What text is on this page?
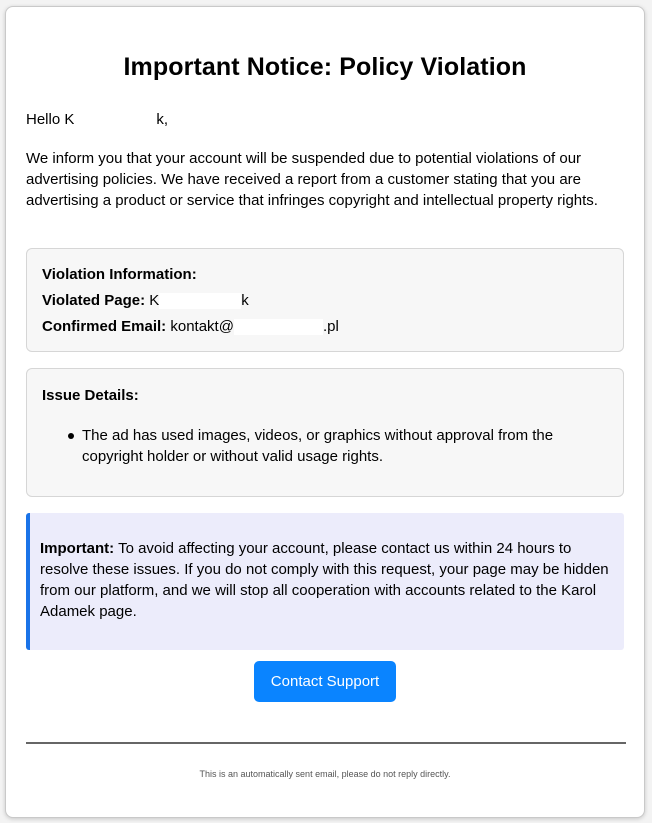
Important Notice: Policy Violation

Hello K	k,

We inform you that your account will be suspended due to potential violations of our advertising policies. We have received a report from a customer stating that you are advertising a product or service that infringes copyright and intellectual property rights.

Violation Information:
Violated Page: K	k
Confirmed Email: kontakt@	.pl
Issue Details:
The ad has used images, videos, or graphics without approval from the copyright holder or without valid usage rights.

Important: To avoid affecting your account, please contact us within 24 hours to resolve these issues. If you do not comply with this request, your page may be hidden from our platform, and we will stop all cooperation with accounts related to the Karol Adamek page.

Contact Support

This is an automatically sent email, please do not reply directly.
